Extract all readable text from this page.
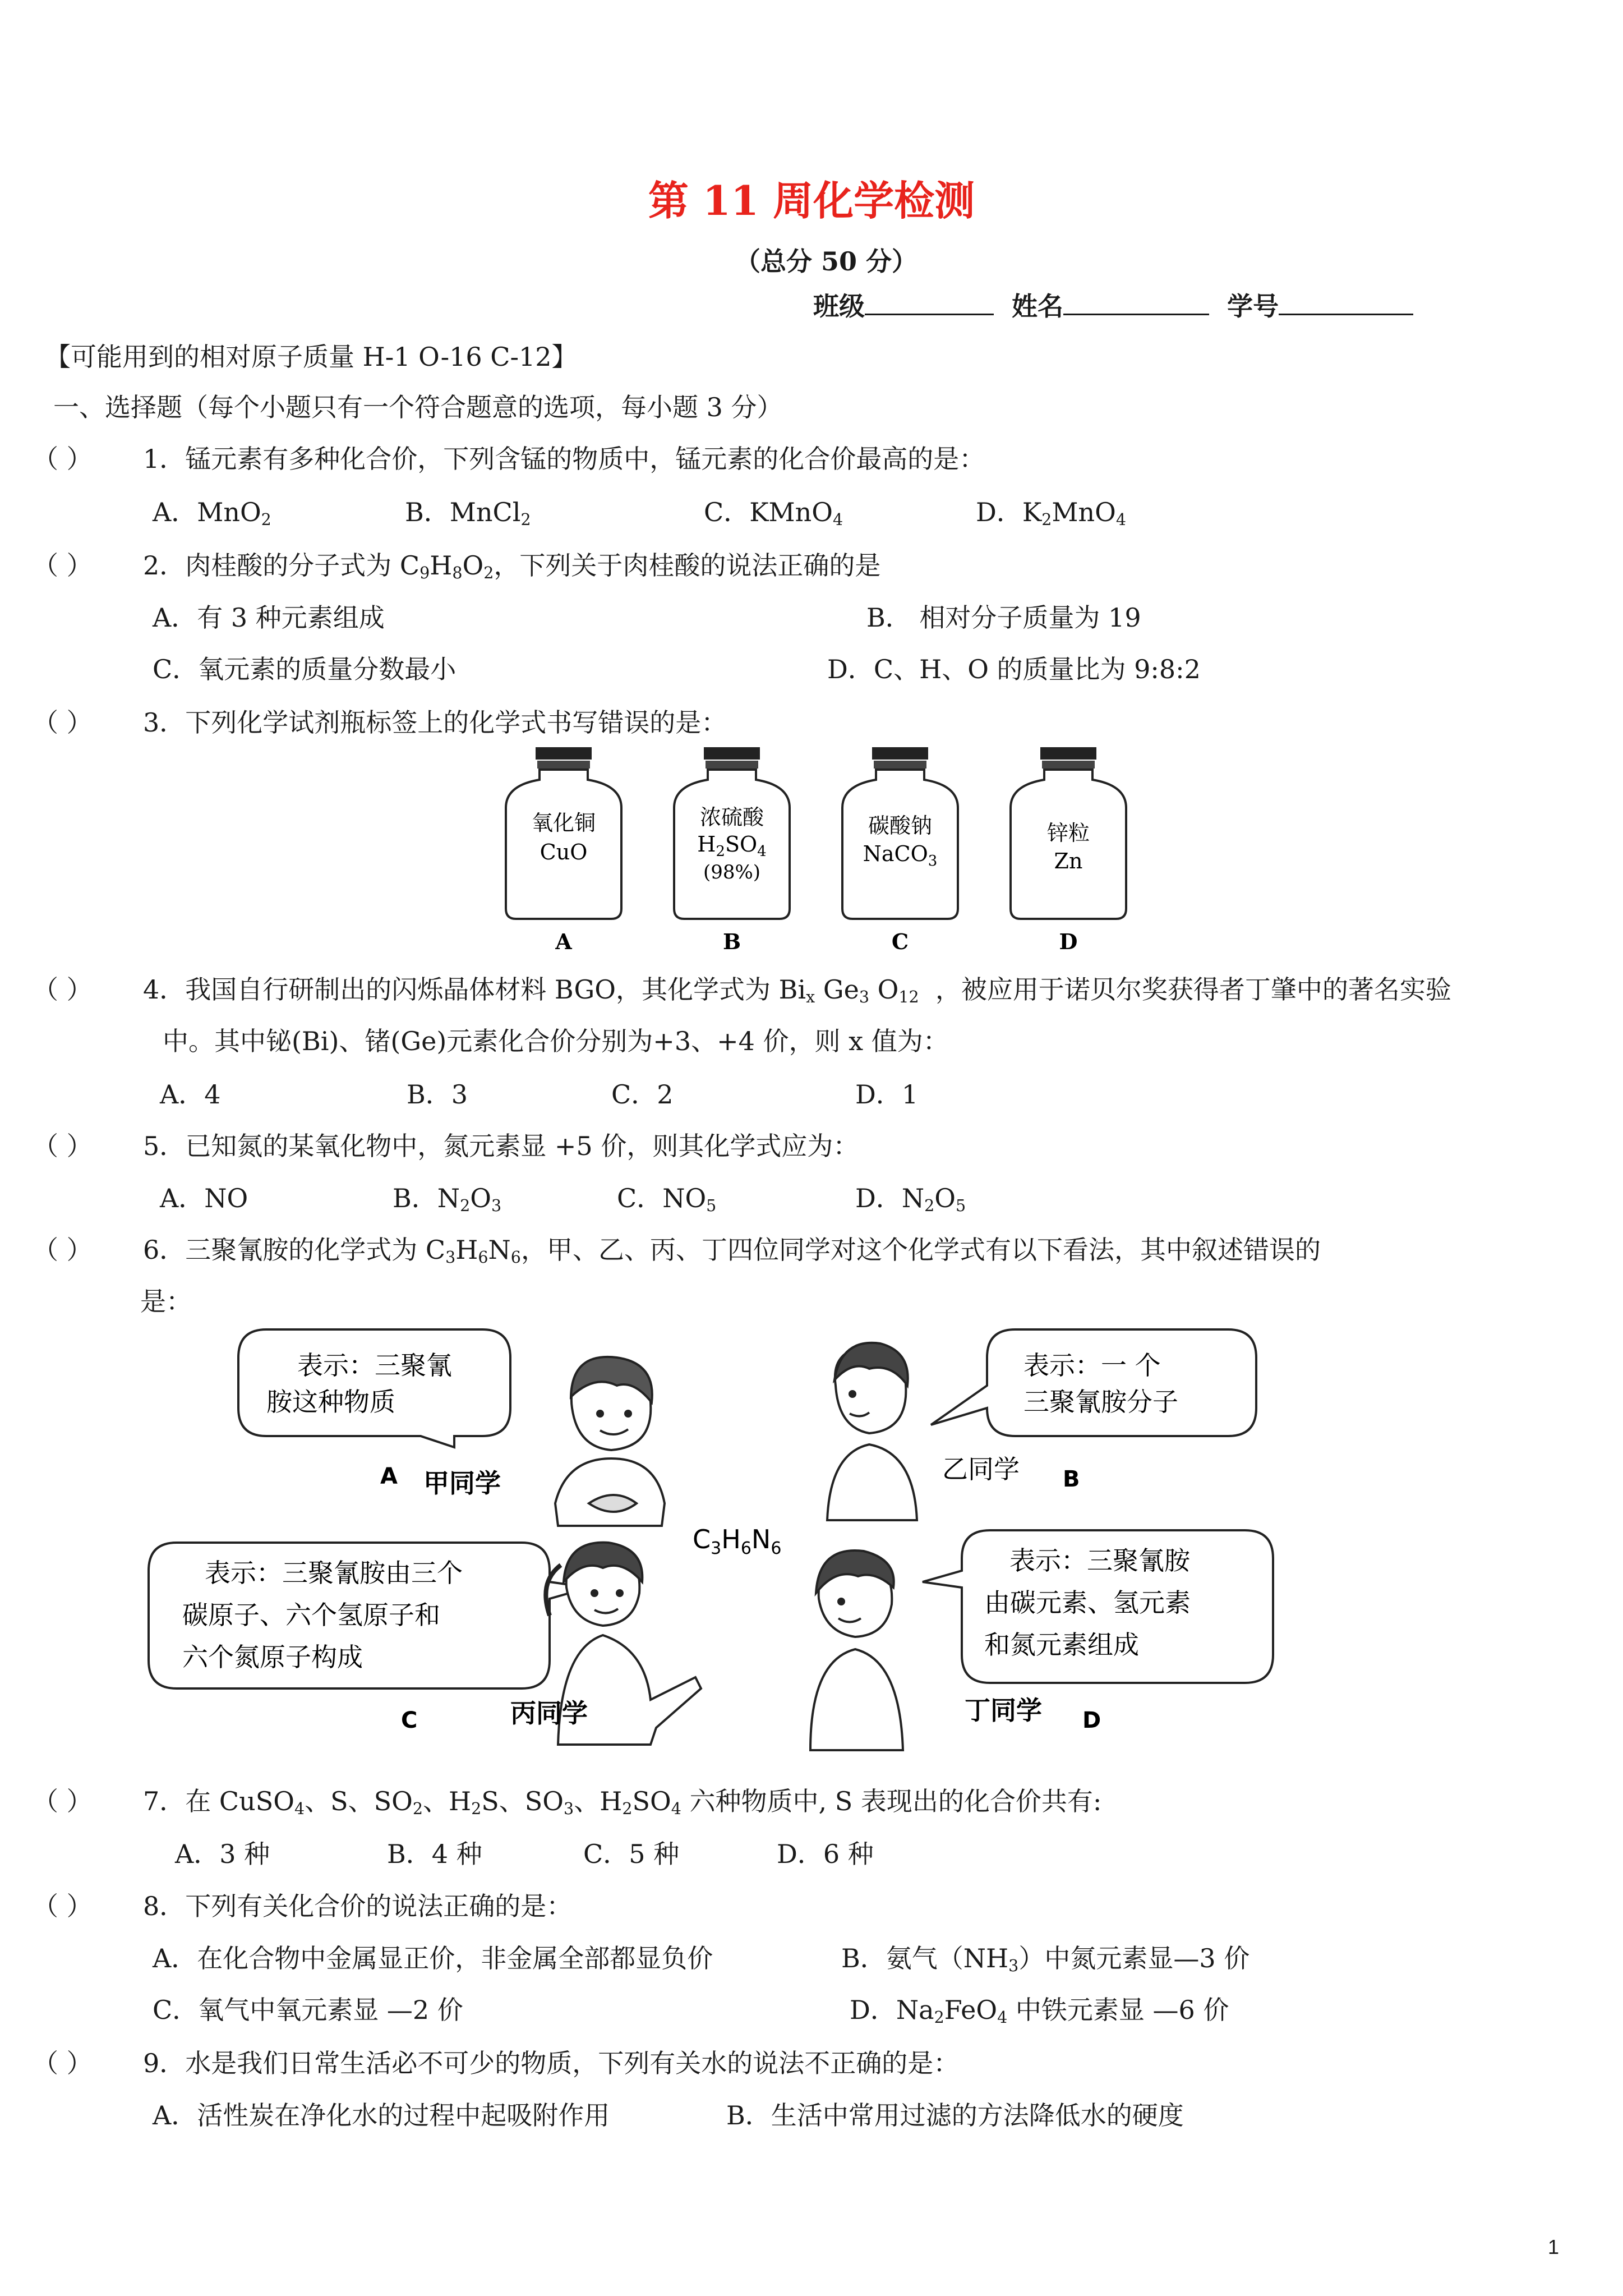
第 11 周化学检测
（总分 50 分）
班级	姓名	学号
【可能用到的相对原子质量 H-1 O-16 C-12】
一、选择题（每个小题只有一个符合题意的选项，每小题 3 分）
（ ） 1．锰元素有多种化合价，下列含锰的物质中，锰元素的化合价最高的是：
A．MnO$_2$	B．MnCl$_2$	C．KMnO$_4$	D．$K_2MnO_4$
（ ） 2．肉桂酸的分子式为 $C_9H_8O_2$，下列关于肉桂酸的说法正确的是
A．有 3 种元素组成	B． 相对分子质量为 19
C．氧元素的质量分数最小	D．C、H、O 的质量比为 9:8:2
（ ） 3．下列化学试剂瓶标签上的化学式书写错误的是：
氧化铜
CuO
A
浓硫酸
$H_2SO_4$
(98%)
B
碳酸钠
NaCO$_3$
C
锌粒
Zn
D
（ ） 4．我国自行研制出的闪烁晶体材料 BGO，其化学式为 $Bi_x$ $Ge_3$ $O_{12}$ ，被应用于诺贝尔奖获得者丁肇中的著名实验
中。其中铋(Bi)、锗(Ge)元素化合价分别为+3、+4 价，则 x 值为：
A．4	B．3	C．2	D．1
（ ） 5．已知氮的某氧化物中，氮元素显 +5 价，则其化学式应为：
A．NO	B．$N_2O_3$	C．$NO_5$	D．$N_2O_5$
（ ） 6．三聚氰胺的化学式为 $C_3H_6N_6$，甲、乙、丙、丁四位同学对这个化学式有以下看法，其中叙述错误的
是：
表示：三聚氰
胺这种物质
表示：一 个
三聚氰胺分子
表示：三聚氰胺由三个
碳原子、六个氢原子和
六个氮原子构成
表示：三聚氰胺
由碳元素、氢元素
和氮元素组成
$C_3H_6N_6$
A 甲同学	乙同学 B
C	丙同学	丁同学 D
（ ） 7．在 CuSO$_4$、S、$SO_2$、$H_2S$、$SO_3$、$H_2SO_4$ 六种物质中, S 表现出的化合价共有:
A．3 种	B．4 种	C．5 种	D．6 种
（ ） 8．下列有关化合价的说法正确的是：
A．在化合物中金属显正价，非金属全部都显负价	B．氨气$(NH_3)$中氮元素显—3 价
C．氧气中氧元素显 —2 价	D．$Na_2FeO_4$ 中铁元素显 —6 价
（ ） 9．水是我们日常生活必不可少的物质，下列有关水的说法不正确的是：
A．活性炭在净化水的过程中起吸附作用	B．生活中常用过滤的方法降低水的硬度
1
